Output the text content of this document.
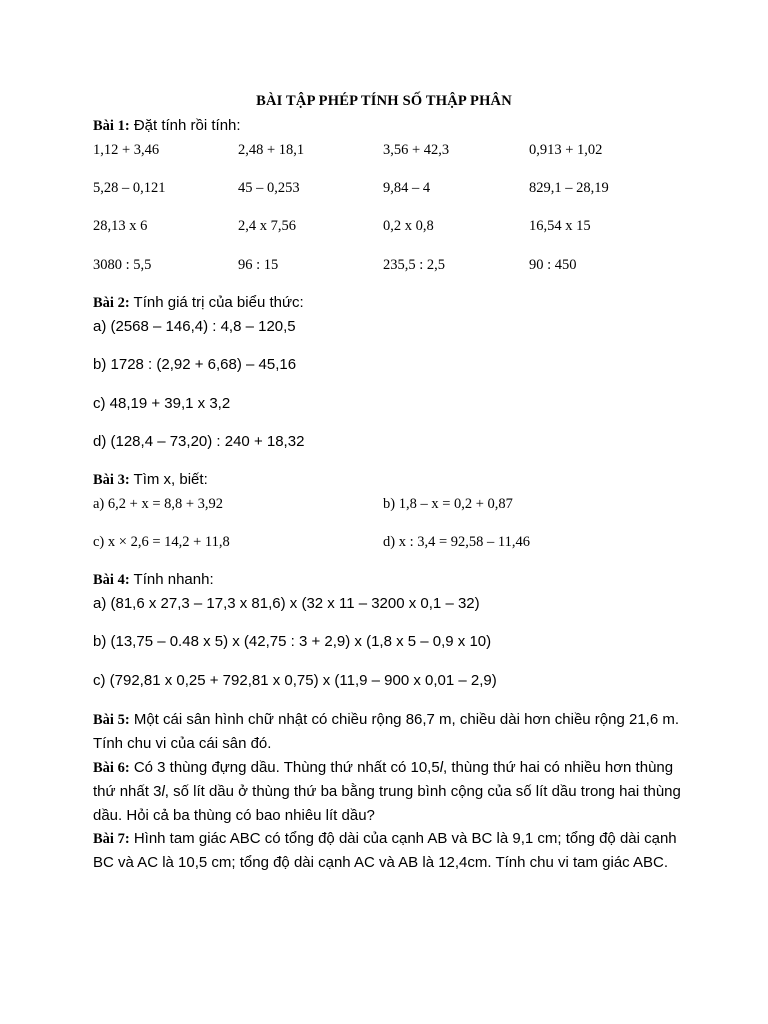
BÀI TẬP PHÉP TÍNH SỐ THẬP PHÂN
Bài 1: Đặt tính rồi tính:
1,12 + 3,46	2,48 + 18,1	3,56 + 42,3	0,913 + 1,02
5,28 – 0,121	45 – 0,253	9,84 – 4	829,1 – 28,19
28,13 x 6	2,4 x 7,56	0,2 x 0,8	16,54 x 15
3080 : 5,5	96 : 15	235,5 : 2,5	90 : 450
Bài 2: Tính giá trị của biểu thức:
a) (2568 – 146,4) : 4,8 – 120,5
b) 1728 : (2,92 + 6,68) – 45,16
c) 48,19 + 39,1 x 3,2
d) (128,4 – 73,20) : 240 + 18,32
Bài 3: Tìm x, biết:
a) 6,2 + x = 8,8 + 3,92	b) 1,8 – x = 0,2 + 0,87
c) x × 2,6 = 14,2 + 11,8	d) x : 3,4 = 92,58 – 11,46
Bài 4: Tính nhanh:
a) (81,6 x 27,3 – 17,3 x 81,6) x (32 x 11 – 3200 x 0,1 – 32)
b) (13,75 – 0.48 x 5) x (42,75 : 3 + 2,9) x (1,8 x 5 – 0,9 x 10)
c) (792,81 x 0,25 + 792,81 x 0,75) x (11,9 – 900 x 0,01 – 2,9)
Bài 5: Một cái sân hình chữ nhật có chiều rộng 86,7 m, chiều dài hơn chiều rộng 21,6 m. Tính chu vi của cái sân đó.
Bài 6: Có 3 thùng đựng dầu. Thùng thứ nhất có 10,5l, thùng thứ hai có nhiều hơn thùng thứ nhất 3l, số lít dầu ở thùng thứ ba bằng trung bình cộng của số lít dầu trong hai thùng dầu. Hỏi cả ba thùng có bao nhiêu lít dầu?
Bài 7: Hình tam giác ABC có tổng độ dài của cạnh AB và BC là 9,1 cm; tổng độ dài cạnh BC và AC là 10,5 cm; tổng độ dài cạnh AC và AB là 12,4cm. Tính chu vi tam giác ABC.
